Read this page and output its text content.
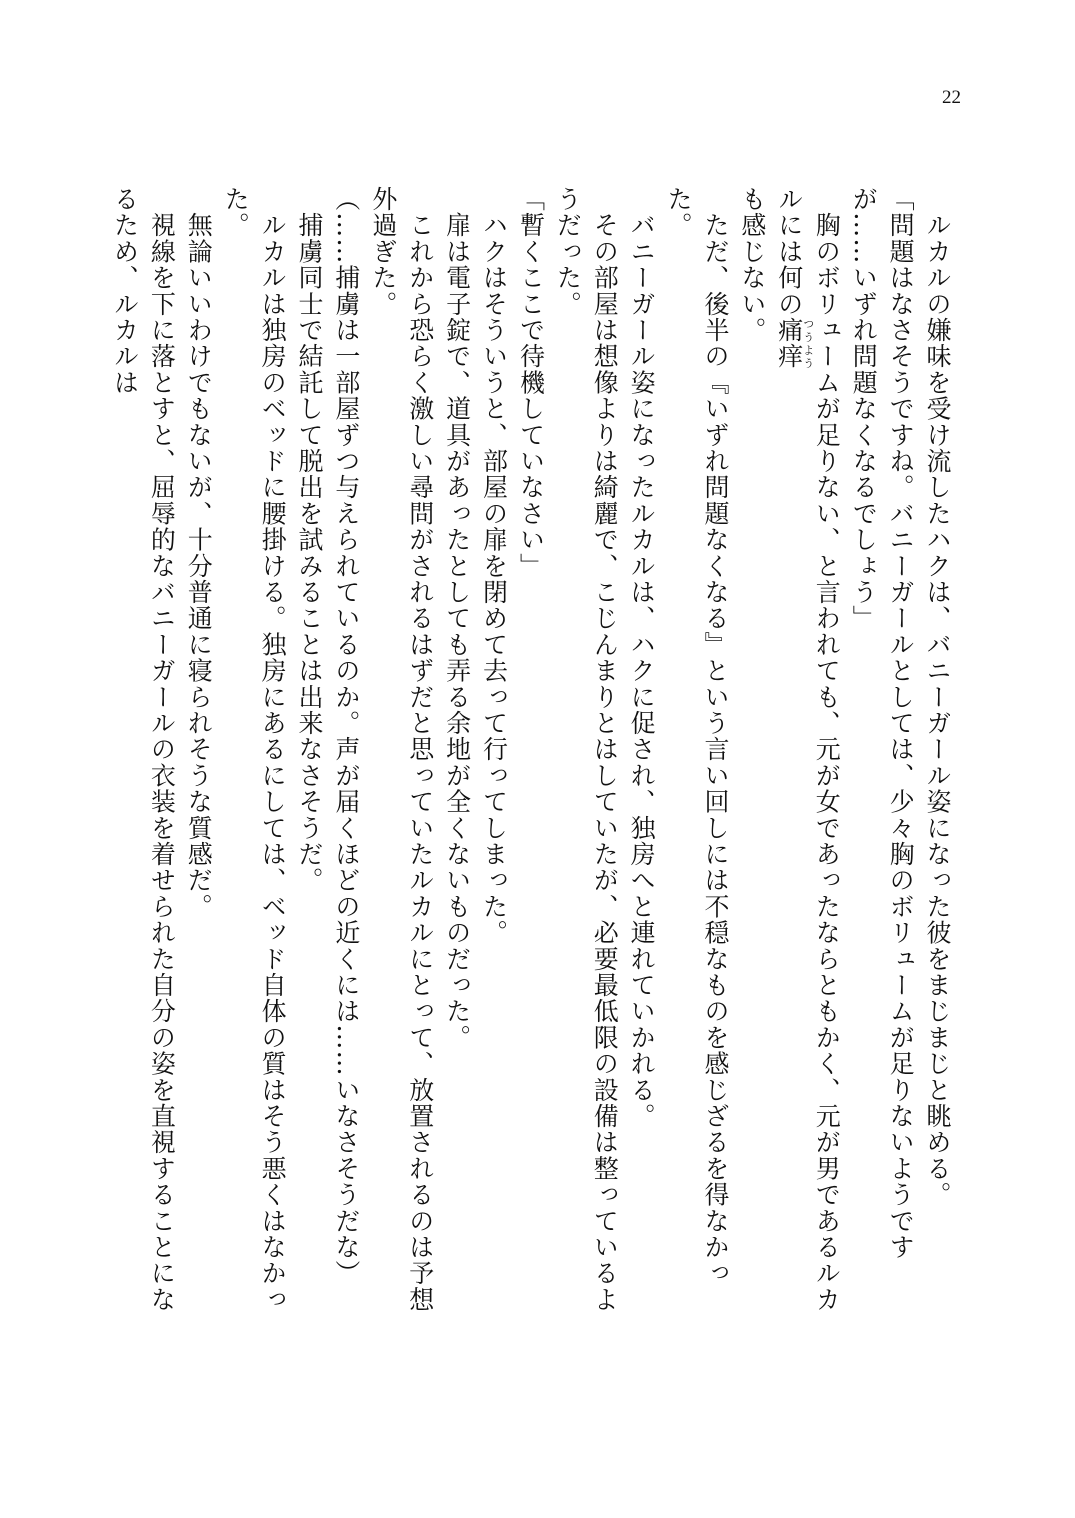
22

　ルカルの嫌味を受け流したハクは、バニーガール姿になった彼をまじまじと眺める。

「問題はなさそうですね。バニーガールとしては、少々胸のボリュームが足りないようですが……いずれ問題なくなるでしょう」

　胸のボリュームが足りない、と言われても、元が女であったならともかく、元が男であるルカルには何の痛痒つうよう

も感じない。

　ただ、後半の『いずれ問題なくなる』という言い回しには不穏なものを感じざるを得なかった。

　バニーガール姿になったルカルは、ハクに促され、独房へと連れていかれる。

　その部屋は想像よりは綺麗で、こじんまりとはしていたが、必要最低限の設備は整っているようだった。

「暫くここで待機していなさい」

　ハクはそういうと、部屋の扉を閉めて去って行ってしまった。

　扉は電子錠で、道具があったとしても弄る余地が全くないものだった。

　これから恐らく激しい尋問がされるはずだと思っていたルカルにとって、放置されるのは予想外過ぎた。

（……捕虜は一部屋ずつ与えられているのか。声が届くほどの近くには……いなさそうだな）

　捕虜同士で結託して脱出を試みることは出来なさそうだ。

　ルカルは独房のベッドに腰掛ける。独房にあるにしては、ベッド自体の質はそう悪くはなかった。

　無論いいわけでもないが、十分普通に寝られそうな質感だ。

　視線を下に落とすと、屈辱的なバニーガールの衣装を着せられた自分の姿を直視することになるため、ルカルは
